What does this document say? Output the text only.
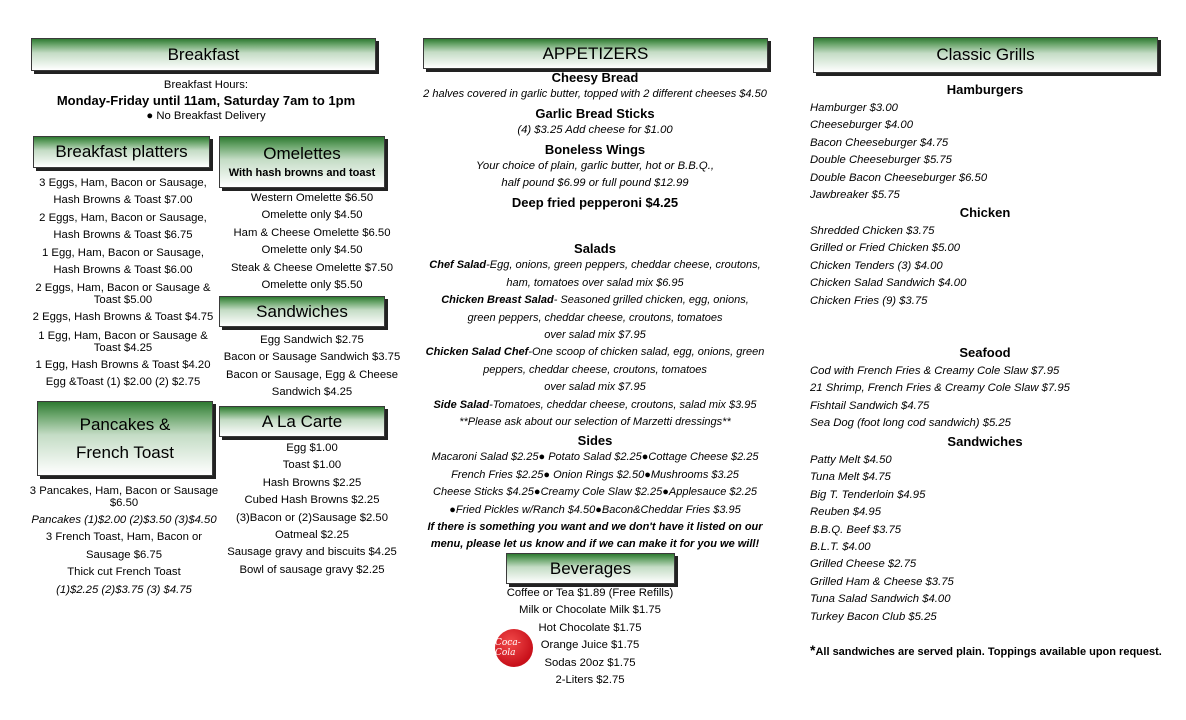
Breakfast
Breakfast Hours:
Monday-Friday until 11am, Saturday 7am to 1pm
● No Breakfast Delivery
Breakfast platters
3 Eggs, Ham, Bacon or Sausage,
Hash Browns & Toast $7.00
2 Eggs, Ham, Bacon or Sausage,
Hash Browns & Toast $6.75
1 Egg, Ham, Bacon or Sausage,
Hash Browns & Toast $6.00
2 Eggs, Ham, Bacon or Sausage &
Toast $5.00
2 Eggs, Hash Browns & Toast $4.75
1 Egg, Ham, Bacon or Sausage &
Toast $4.25
1 Egg, Hash Browns & Toast $4.20
Egg &Toast (1) $2.00 (2) $2.75
Pancakes &
French Toast
3 Pancakes, Ham, Bacon or Sausage
$6.50
Pancakes (1)$2.00 (2)$3.50 (3)$4.50
3 French Toast, Ham, Bacon or
Sausage $6.75
Thick cut French Toast
(1)$2.25 (2)$3.75 (3) $4.75
Omelettes
With hash browns and toast
Western Omelette $6.50
Omelette only $4.50
Ham & Cheese Omelette $6.50
Omelette only $4.50
Steak & Cheese Omelette $7.50
Omelette only $5.50
Sandwiches
Egg Sandwich $2.75
Bacon or Sausage Sandwich $3.75
Bacon or Sausage, Egg & Cheese
Sandwich $4.25
A La Carte
Egg $1.00
Toast $1.00
Hash Browns $2.25
Cubed Hash Browns $2.25
(3)Bacon or (2)Sausage $2.50
Oatmeal $2.25
Sausage gravy and biscuits $4.25
Bowl of sausage gravy $2.25
APPETIZERS
Cheesy Bread
2 halves covered in garlic butter, topped with 2 different cheeses $4.50
Garlic Bread Sticks
(4) $3.25 Add cheese for $1.00
Boneless Wings
Your choice of plain, garlic butter, hot or B.B.Q.,
half pound $6.99 or full pound $12.99
Deep fried pepperoni $4.25
Salads
Chef Salad-Egg, onions, green peppers, cheddar cheese, croutons,
ham, tomatoes over salad mix $6.95
Chicken Breast Salad- Seasoned grilled chicken, egg, onions,
green peppers, cheddar cheese, croutons, tomatoes
over salad mix $7.95
Chicken Salad Chef-One scoop of chicken salad, egg, onions, green
peppers, cheddar cheese, croutons, tomatoes
over salad mix $7.95
Side Salad-Tomatoes, cheddar cheese, croutons, salad mix $3.95
**Please ask about our selection of Marzetti dressings**
Sides
Macaroni Salad $2.25● Potato Salad $2.25●Cottage Cheese $2.25
French Fries $2.25● Onion Rings $2.50●Mushrooms $3.25
Cheese Sticks $4.25●Creamy Cole Slaw $2.25●Applesauce $2.25
●Fried Pickles w/Ranch $4.50●Bacon&Cheddar Fries $3.95
If there is something you want and we don't have it listed on our
menu, please let us know and if we can make it for you we will!
Beverages
Coca-Cola
Coffee or Tea $1.89 (Free Refills)
Milk or Chocolate Milk $1.75
Hot Chocolate $1.75
Orange Juice $1.75
Sodas 20oz $1.75
2-Liters $2.75
Classic Grills
Hamburgers
Hamburger $3.00
Cheeseburger $4.00
Bacon Cheeseburger $4.75
Double Cheeseburger $5.75
Double Bacon Cheeseburger $6.50
Jawbreaker $5.75
Chicken
Shredded Chicken $3.75
Grilled or Fried Chicken $5.00
Chicken Tenders (3) $4.00
Chicken Salad Sandwich $4.00
Chicken Fries (9) $3.75
Seafood
Cod with French Fries & Creamy Cole Slaw $7.95
21 Shrimp, French Fries & Creamy Cole Slaw $7.95
Fishtail Sandwich $4.75
Sea Dog (foot long cod sandwich) $5.25
Sandwiches
Patty Melt $4.50
Tuna Melt $4.75
Big T. Tenderloin $4.95
Reuben $4.95
B.B.Q. Beef $3.75
B.L.T. $4.00
Grilled Cheese $2.75
Grilled Ham & Cheese $3.75
Tuna Salad Sandwich $4.00
Turkey Bacon Club $5.25
*All sandwiches are served plain. Toppings available upon request.
